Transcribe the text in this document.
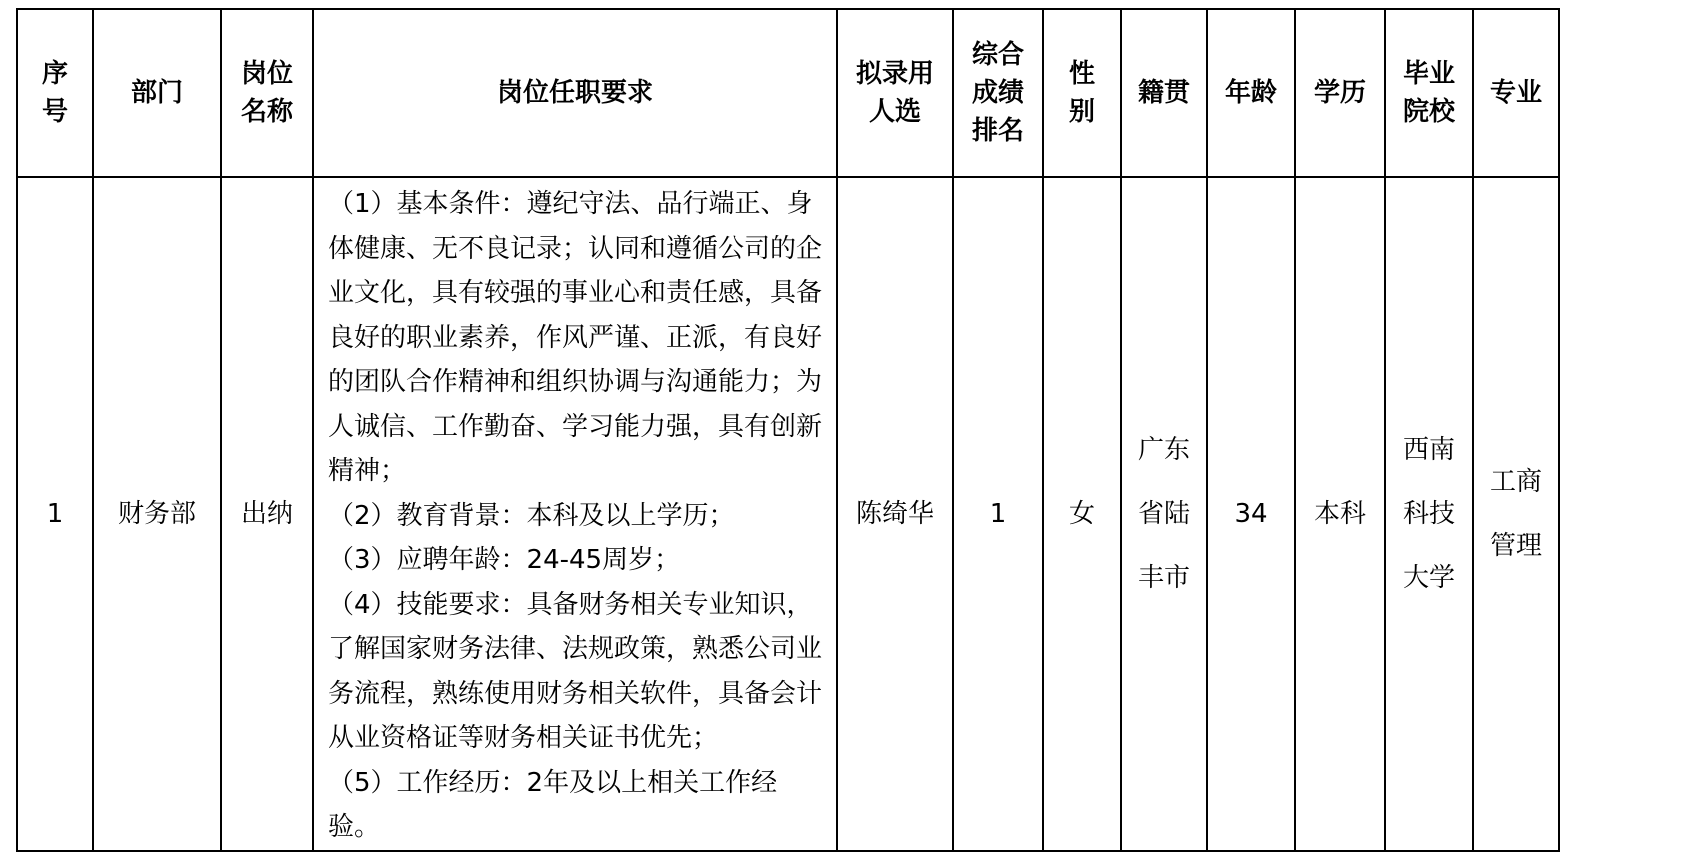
序号	部门	岗位名称	岗位任职要求	拟录用人选	综合成绩排名	性别	籍贯	年龄	学历	毕业院校	专业
1	财务部	出纳	（1）基本条件：遵纪守法、品行端正、身体健康、无不良记录；认同和遵循公司的企业文化，具有较强的事业心和责任感，具备良好的职业素养，作风严谨、正派，有良好的团队合作精神和组织协调与沟通能力；为人诚信、工作勤奋、学习能力强，具有创新精神；
（2）教育背景：本科及以上学历；
（3）应聘年龄：24-45周岁；
（4）技能要求：具备财务相关专业知识，了解国家财务法律、法规政策，熟悉公司业务流程，熟练使用财务相关软件，具备会计从业资格证等财务相关证书优先；
（5）工作经历：2年及以上相关工作经验。	陈绮华	1	女	广东省陆丰市	34	本科	西南科技大学	工商管理
